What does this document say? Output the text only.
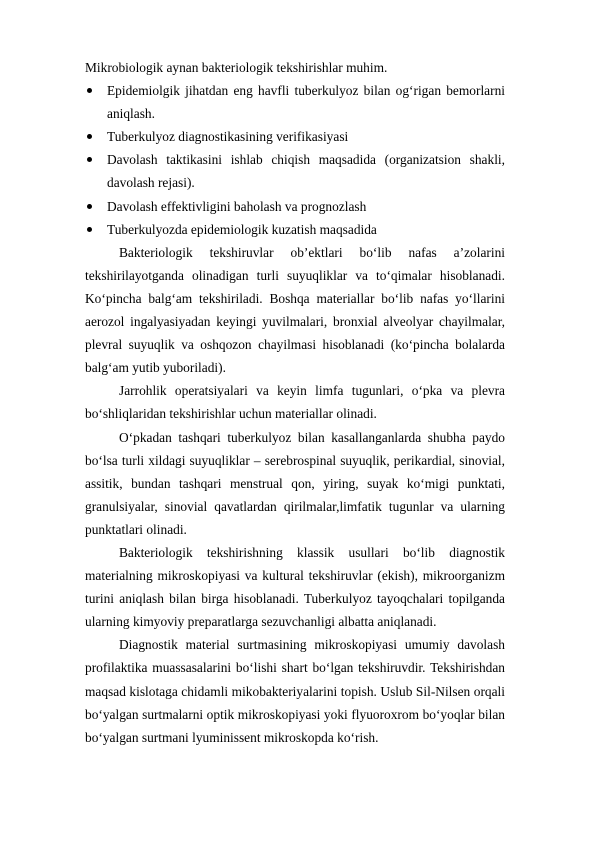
Mikrobiologik aynan bakteriologik tekshirishlar muhim.

Epidemiolgik jihatdan eng havfli tuberkulyoz bilan og‘rigan bemorlarni aniqlash.
Tuberkulyoz diagnostikasining verifikasiyasi
Davolash taktikasini ishlab chiqish maqsadida (organizatsion shakli, davolash rejasi).
Davolash effektivligini baholash va prognozlash
Tuberkulyozda epidemiologik kuzatish maqsadida

Bakteriologik tekshiruvlar ob’ektlari bo‘lib nafas a’zolarini tekshirilayotganda olinadigan turli suyuqliklar va to‘qimalar hisoblanadi. Ko‘pincha balg‘am tekshiriladi. Boshqa materiallar bo‘lib nafas yo‘llarini aerozol ingalyasiyadan keyingi yuvilmalari, bronxial alveolyar chayilmalar, plevral suyuqlik va oshqozon chayilmasi hisoblanadi (ko‘pincha bolalarda balg‘am yutib yuboriladi).

Jarrohlik operatsiyalari va keyin limfa tugunlari, o‘pka va plevra bo‘shliqlaridan tekshirishlar uchun materiallar olinadi.

O‘pkadan tashqari tuberkulyoz bilan kasallanganlarda shubha paydo bo‘lsa turli xildagi suyuqliklar – serebrospinal suyuqlik, perikardial, sinovial, assitik, bundan tashqari menstrual qon, yiring, suyak ko‘migi punktati, granulsiyalar, sinovial qavatlardan qirilmalar,limfatik tugunlar va ularning punktatlari olinadi.

Bakteriologik tekshirishning klassik usullari bo‘lib diagnostik materialning mikroskopiyasi va kultural tekshiruvlar (ekish), mikroorganizm turini aniqlash bilan birga hisoblanadi. Tuberkulyoz tayoqchalari topilganda ularning kimyoviy preparatlarga sezuvchanligi albatta aniqlanadi.

Diagnostik material surtmasining mikroskopiyasi umumiy davolash profilaktika muassasalarini bo‘lishi shart bo‘lgan tekshiruvdir. Tekshirishdan maqsad kislotaga chidamli mikobakteriyalarini topish. Uslub Sil-Nilsen orqali bo‘yalgan surtmalarni optik mikroskopiyasi yoki flyuoroxrom bo‘yoqlar bilan bo‘yalgan surtmani lyuminissent mikroskopda ko‘rish.
